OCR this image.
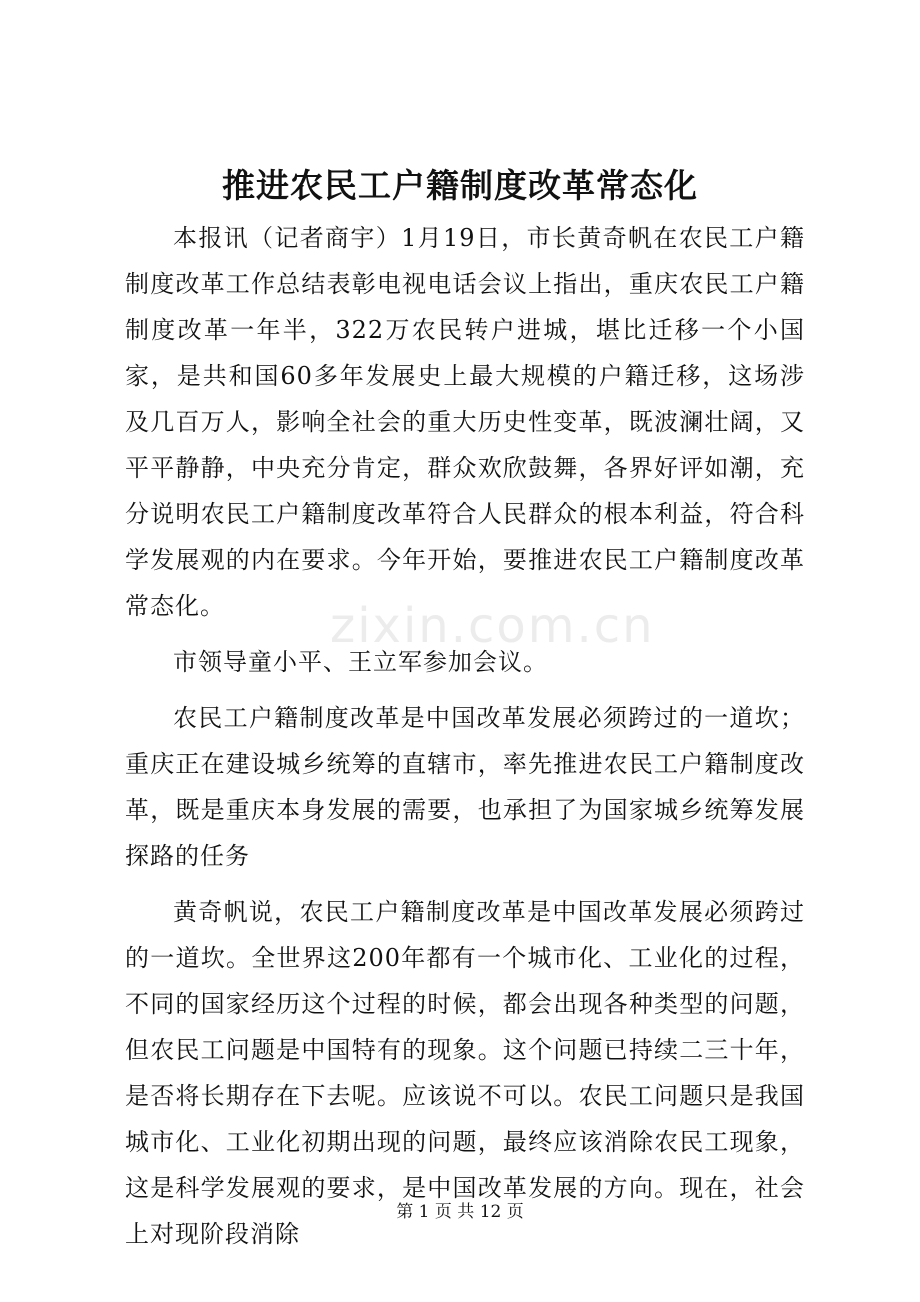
推进农民工户籍制度改革常态化

本报讯（记者商宇）1月19日，市长黄奇帆在农民工户籍制度改革工作总结表彰电视电话会议上指出，重庆农民工户籍制度改革一年半，322万农民转户进城，堪比迁移一个小国家，是共和国60多年发展史上最大规模的户籍迁移，这场涉及几百万人，影响全社会的重大历史性变革，既波澜壮阔，又平平静静，中央充分肯定，群众欢欣鼓舞，各界好评如潮，充分说明农民工户籍制度改革符合人民群众的根本利益，符合科学发展观的内在要求。今年开始，要推进农民工户籍制度改革常态化。

市领导童小平、王立军参加会议。

农民工户籍制度改革是中国改革发展必须跨过的一道坎；重庆正在建设城乡统筹的直辖市，率先推进农民工户籍制度改革，既是重庆本身发展的需要，也承担了为国家城乡统筹发展探路的任务

黄奇帆说，农民工户籍制度改革是中国改革发展必须跨过的一道坎。全世界这200年都有一个城市化、工业化的过程，不同的国家经历这个过程的时候，都会出现各种类型的问题，但农民工问题是中国特有的现象。这个问题已持续二三十年，是否将长期存在下去呢。应该说不可以。农民工问题只是我国城市化、工业化初期出现的问题，最终应该消除农民工现象，这是科学发展观的要求，是中国改革发展的方向。现在，社会上对现阶段消除

zixin.com.cn
第 1 页 共 12 页
